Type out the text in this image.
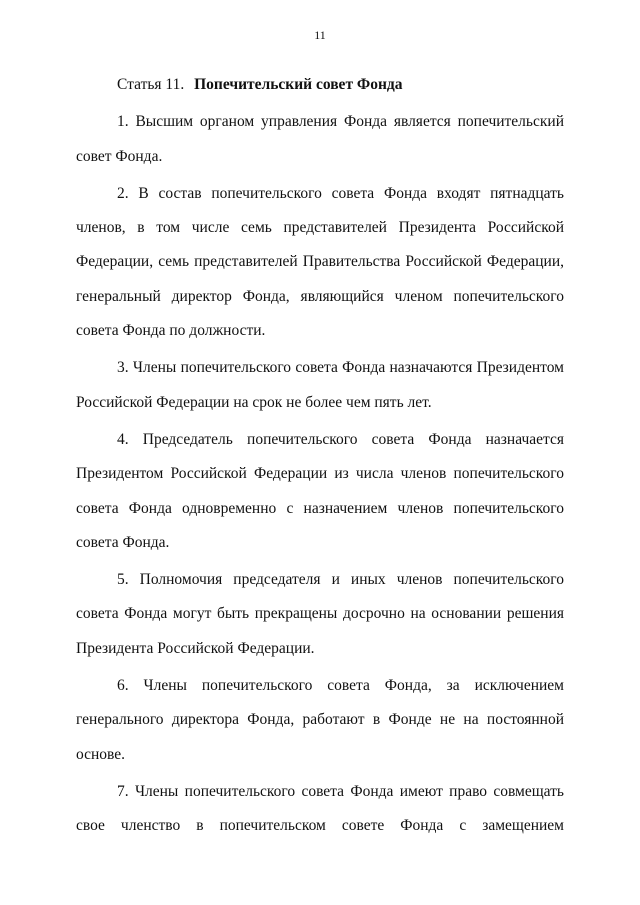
11

Статья 11. Попечительский совет Фонда

1. Высшим органом управления Фонда является попечительский совет Фонда.

2. В состав попечительского совета Фонда входят пятнадцать членов, в том числе семь представителей Президента Российской Федерации, семь представителей Правительства Российской Федерации, генеральный директор Фонда, являющийся членом попечительского совета Фонда по должности.

3. Члены попечительского совета Фонда назначаются Президентом Российской Федерации на срок не более чем пять лет.

4. Председатель попечительского совета Фонда назначается Президентом Российской Федерации из числа членов попечительского совета Фонда одновременно с назначением членов попечительского совета Фонда.

5. Полномочия председателя и иных членов попечительского совета Фонда могут быть прекращены досрочно на основании решения Президента Российской Федерации.

6. Члены попечительского совета Фонда, за исключением генерального директора Фонда, работают в Фонде не на постоянной основе.

7. Члены попечительского совета Фонда имеют право совмещать свое членство в попечительском совете Фонда с замещением
